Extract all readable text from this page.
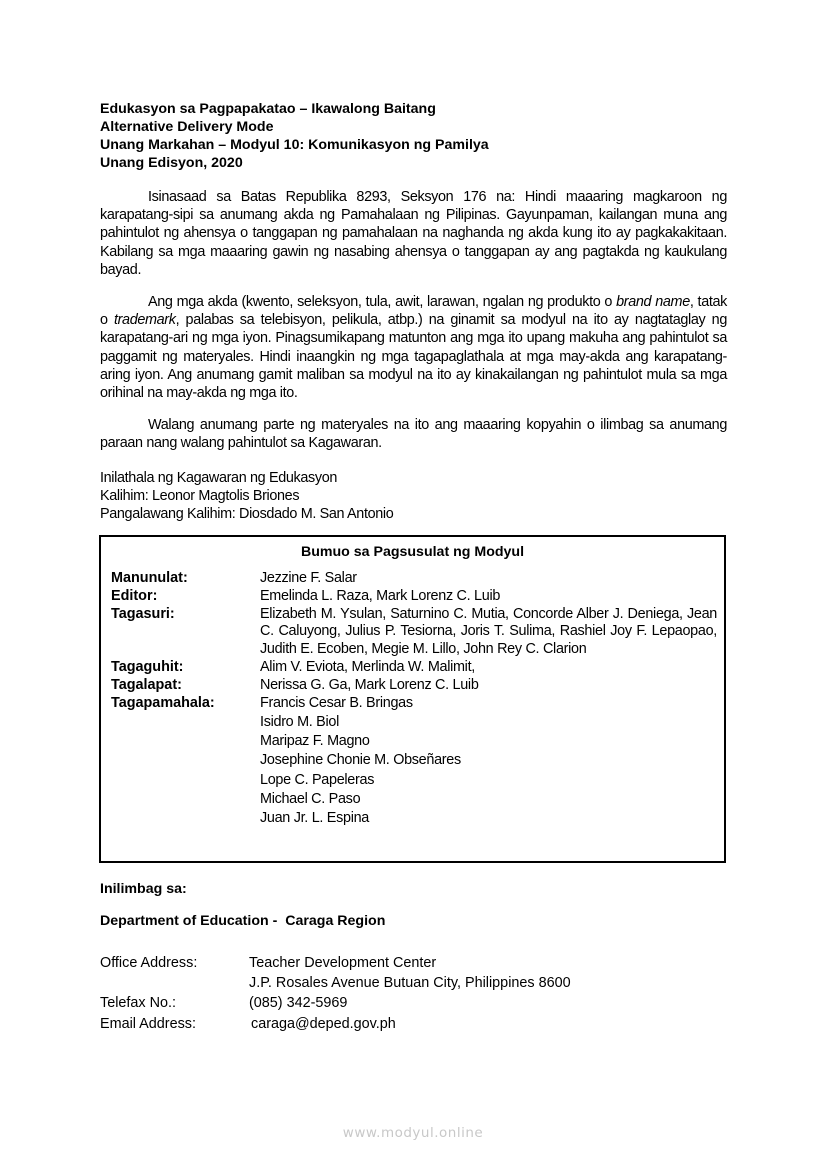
Edukasyon sa Pagpapakatao – Ikawalong Baitang
Alternative Delivery Mode
Unang Markahan – Modyul 10: Komunikasyon ng Pamilya
Unang Edisyon, 2020
Isinasaad sa Batas Republika 8293, Seksyon 176 na: Hindi maaaring magkaroon ng karapatang-sipi sa anumang akda ng Pamahalaan ng Pilipinas. Gayunpaman, kailangan muna ang pahintulot ng ahensya o tanggapan ng pamahalaan na naghanda ng akda kung ito ay pagkakakitaan. Kabilang sa mga maaaring gawin ng nasabing ahensya o tanggapan ay ang pagtakda ng kaukulang bayad.
Ang mga akda (kwento, seleksyon, tula, awit, larawan, ngalan ng produkto o brand name, tatak o trademark, palabas sa telebisyon, pelikula, atbp.) na ginamit sa modyul na ito ay nagtataglay ng karapatang-ari ng mga iyon. Pinagsumikapang matunton ang mga ito upang makuha ang pahintulot sa paggamit ng materyales. Hindi inaangkin ng mga tagapaglathala at mga may-akda ang karapatang-aring iyon. Ang anumang gamit maliban sa modyul na ito ay kinakailangan ng pahintulot mula sa mga orihinal na may-akda ng mga ito.
Walang anumang parte ng materyales na ito ang maaaring kopyahin o ilimbag sa anumang paraan nang walang pahintulot sa Kagawaran.
Inilathala ng Kagawaran ng Edukasyon
Kalihim: Leonor Magtolis Briones
Pangalawang Kalihim: Diosdado M. San Antonio
Bumuo sa Pagsusulat ng Modyul
Manunulat:	Jezzine F. Salar
Editor:	Emelinda L. Raza, Mark Lorenz C. Luib
Tagasuri:	Elizabeth M. Ysulan, Saturnino C. Mutia, Concorde Alber J. Deniega, Jean C. Caluyong, Julius P. Tesiorna, Joris T. Sulima, Rashiel Joy F. Lepaopao, Judith E. Ecoben, Megie M. Lillo, John Rey C. Clarion
Tagaguhit:	Alim V. Eviota, Merlinda W. Malimit,
Tagalapat:	Nerissa G. Ga, Mark Lorenz C. Luib
Tagapamahala:	Francis Cesar B. Bringas
Isidro M. Biol
Maripaz F. Magno
Josephine Chonie M. Obseñares
Lope C. Papeleras
Michael C. Paso
Juan Jr. L. Espina
Inilimbag sa:
Department of Education -  Caraga Region
Office Address:	Teacher Development Center
J.P. Rosales Avenue Butuan City, Philippines 8600
Telefax No.:	(085) 342-5969
Email Address:	caraga@deped.gov.ph
www.modyul.online
